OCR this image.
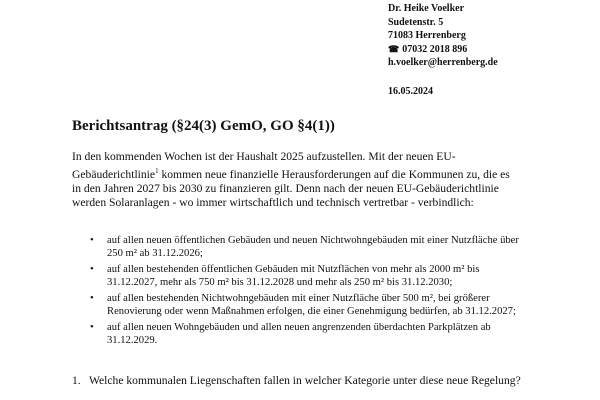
Dr. Heike Voelker
Sudetenstr. 5
71083 Herrenberg
☎ 07032 2018 896
h.voelker@herrenberg.de
16.05.2024
Berichtsantrag (§24(3) GemO, GO §4(1))

In den kommenden Wochen ist der Haushalt 2025 aufzustellen. Mit der neuen EU-Gebäuderichtlinie$^1$ kommen neue finanzielle Herausforderungen auf die Kommunen zu, die es in den Jahren 2027 bis 2030 zu finanzieren gilt. Denn nach der neuen EU-Gebäuderichtlinie werden Solaranlagen - wo immer wirtschaftlich und technisch vertretbar - verbindlich:

• auf allen neuen öffentlichen Gebäuden und neuen Nichtwohngebäuden mit einer Nutzfläche über 250 m² ab 31.12.2026;
• auf allen bestehenden öffentlichen Gebäuden mit Nutzflächen von mehr als 2000 m² bis 31.12.2027, mehr als 750 m² bis 31.12.2028 und mehr als 250 m² bis 31.12.2030;
• auf allen bestehenden Nichtwohngebäuden mit einer Nutzfläche über 500 m², bei größerer Renovierung oder wenn Maßnahmen erfolgen, die einer Genehmigung bedürfen, ab 31.12.2027;
• auf allen neuen Wohngebäuden und allen neuen angrenzenden überdachten Parkplätzen ab 31.12.2029.
1. Welche kommunalen Liegenschaften fallen in welcher Kategorie unter diese neue Regelung?
